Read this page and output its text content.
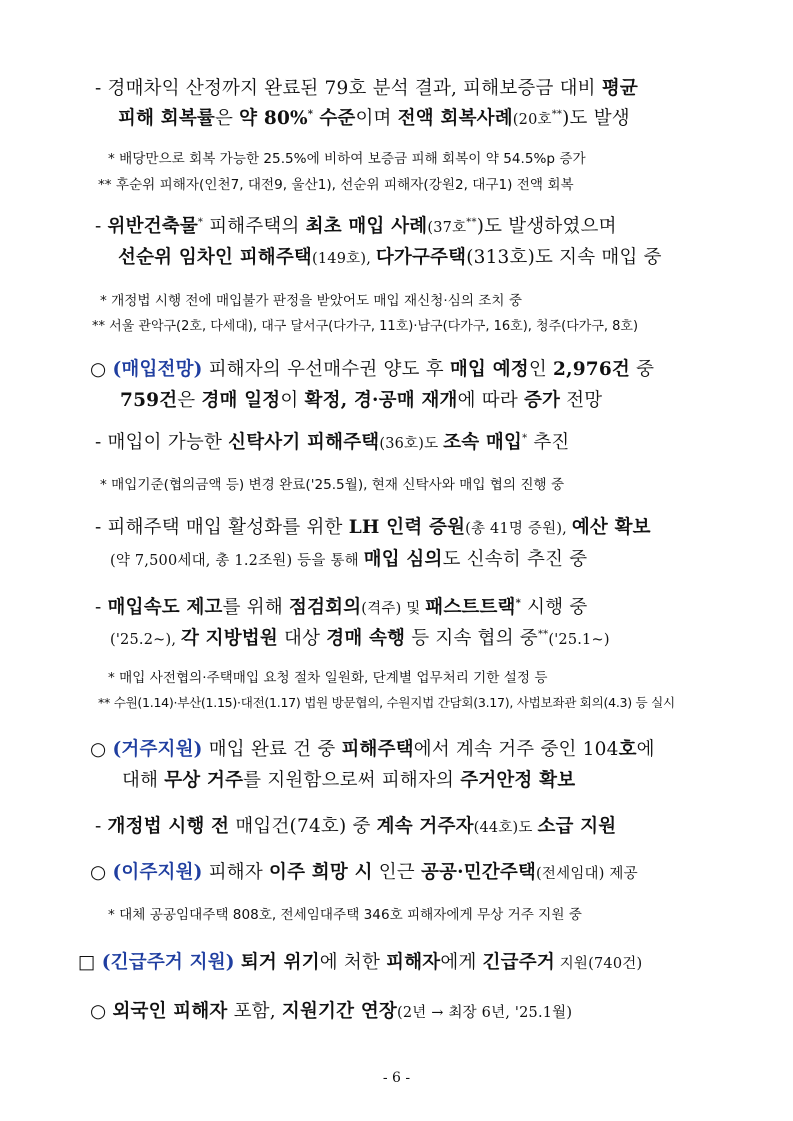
- 경매차익 산정까지 완료된 79호 분석 결과, 피해보증금 대비 평균
피해 회복률은 약 80%* 수준이며 전액 회복사례(20호**)도 발생
* 배당만으로 회복 가능한 25.5%에 비하여 보증금 피해 회복이 약 54.5%p 증가
** 후순위 피해자(인천7, 대전9, 울산1), 선순위 피해자(강원2, 대구1) 전액 회복
- 위반건축물* 피해주택의 최초 매입 사례(37호**)도 발생하였으며
선순위 임차인 피해주택(149호), 다가구주택(313호)도 지속 매입 중
* 개정법 시행 전에 매입불가 판정을 받았어도 매입 재신청·심의 조치 중
** 서울 관악구(2호, 다세대), 대구 달서구(다가구, 11호)·남구(다가구, 16호), 청주(다가구, 8호)
○ (매입전망) 피해자의 우선매수권 양도 후 매입 예정인 2,976건 중
759건은 경매 일정이 확정, 경·공매 재개에 따라 증가 전망
- 매입이 가능한 신탁사기 피해주택(36호)도 조속 매입* 추진
* 매입기준(협의금액 등) 변경 완료('25.5월), 현재 신탁사와 매입 협의 진행 중
- 피해주택 매입 활성화를 위한 LH 인력 증원(총 41명 증원), 예산 확보
(약 7,500세대, 총 1.2조원) 등을 통해 매입 심의도 신속히 추진 중
- 매입속도 제고를 위해 점검회의(격주) 및 패스트트랙* 시행 중
('25.2~), 각 지방법원 대상 경매 속행 등 지속 협의 중**('25.1~)
* 매입 사전협의·주택매입 요청 절차 일원화, 단계별 업무처리 기한 설정 등
** 수원(1.14)·부산(1.15)·대전(1.17) 법원 방문협의, 수원지법 간담회(3.17), 사법보좌관 회의(4.3) 등 실시
○ (거주지원) 매입 완료 건 중 피해주택에서 계속 거주 중인 104호에
대해 무상 거주를 지원함으로써 피해자의 주거안정 확보
- 개정법 시행 전 매입건(74호) 중 계속 거주자(44호)도 소급 지원
○ (이주지원) 피해자 이주 희망 시 인근 공공·민간주택(전세임대) 제공
* 대체 공공임대주택 808호, 전세임대주택 346호 피해자에게 무상 거주 지원 중
□ (긴급주거 지원) 퇴거 위기에 처한 피해자에게 긴급주거 지원(740건)
○ 외국인 피해자 포함, 지원기간 연장(2년 → 최장 6년, '25.1월)
- 6 -
